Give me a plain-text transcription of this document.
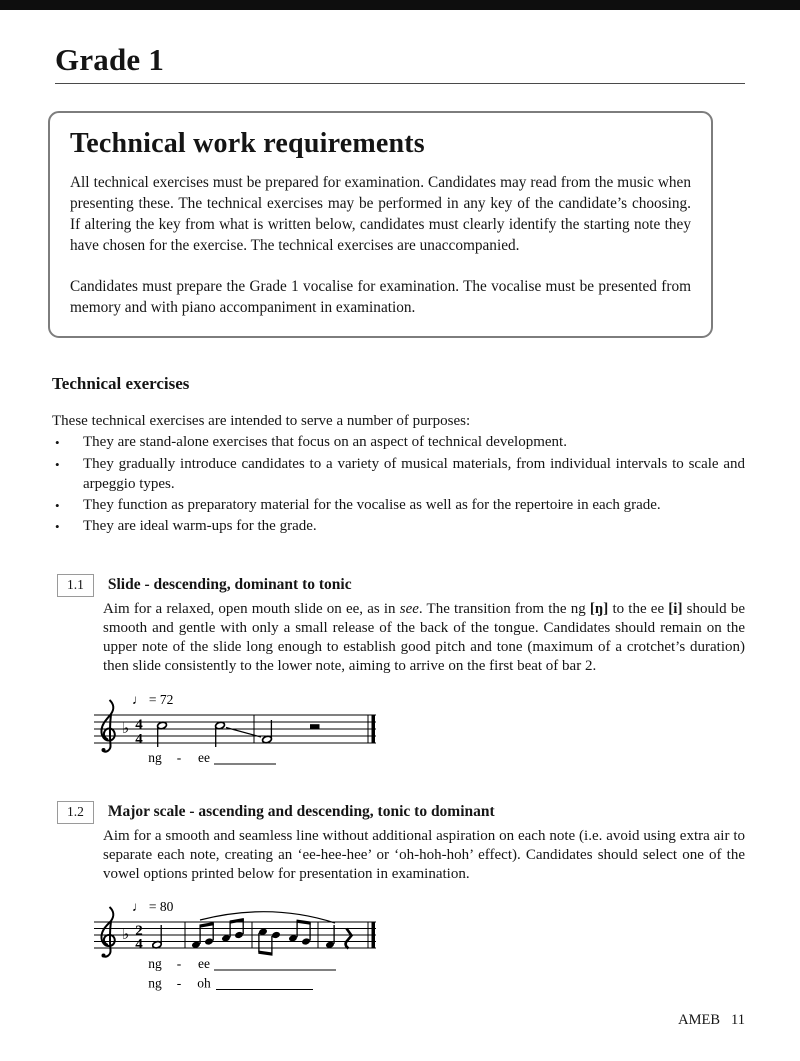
Grade 1
Technical work requirements

All technical exercises must be prepared for examination. Candidates may read from the music when presenting these. The technical exercises may be performed in any key of the candidate’s choosing. If altering the key from what is written below, candidates must clearly identify the starting note they have chosen for the exercise. The technical exercises are unaccompanied.

Candidates must prepare the Grade 1 vocalise for examination. The vocalise must be presented from memory and with piano accompaniment in examination.

Technical exercises

These technical exercises are intended to serve a number of purposes:

•	They are stand-alone exercises that focus on an aspect of technical development.
•	They gradually introduce candidates to a variety of musical materials, from individual intervals to scale and arpeggio types.
•	They function as preparatory material for the vocalise as well as for the repertoire in each grade.
•	They are ideal warm-ups for the grade.
1.1	Slide - descending, dominant to tonic

Aim for a relaxed, open mouth slide on ee, as in see. The transition from the ng [ŋ] to the ee [i] should be smooth and gentle with only a small release of the back of the tongue. Candidates should remain on the upper note of the slide long enough to establish good pitch and tone (maximum of a crotchet’s duration) then slide consistently to the lower note, aiming to arrive on the first beat of bar 2.

♩ = 72
♭ 4
4
ng - ee
1.2	Major scale - ascending and descending, tonic to dominant

Aim for a smooth and seamless line without additional aspiration on each note (i.e. avoid using extra air to separate each note, creating an ‘ee-hee-hee’ or ‘oh-hoh-hoh’ effect). Candidates should select one of the vowel options printed below for presentation in examination.

♩ = 80
♭ 2
4
ng - ee
ng - oh
AMEB 11
